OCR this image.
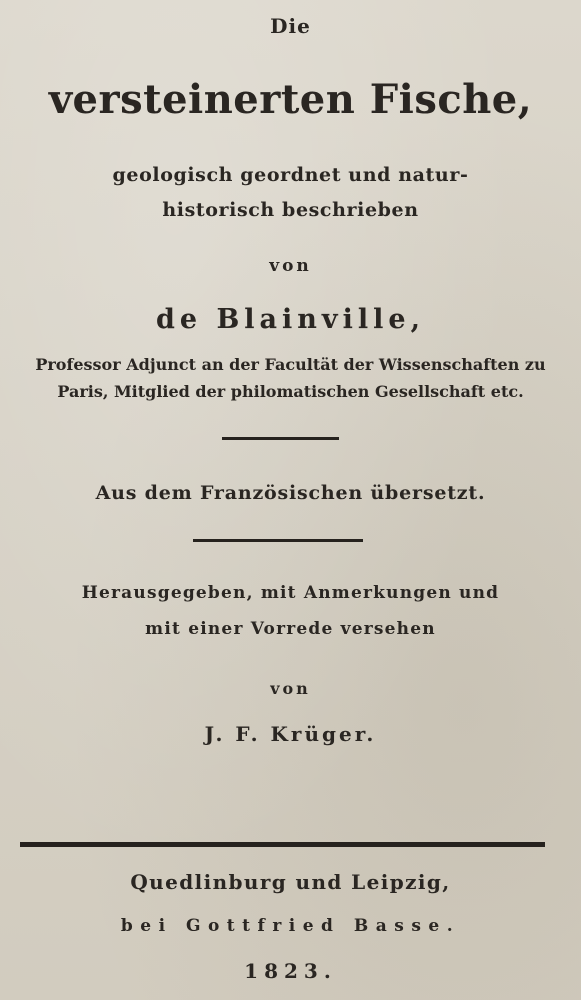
Die

versteinerten Fische,

geologisch geordnet und natur-

historisch beschrieben

von

de Blainville,

Professor Adjunct an der Facultät der Wissenschaften zu

Paris, Mitglied der philomatischen Gesellschaft etc.

Aus dem Französischen übersetzt.

Herausgegeben, mit Anmerkungen und

mit einer Vorrede versehen

von

J. F. Krüger.

Quedlinburg und Leipzig,

bei Gottfried Basse.

1823.
